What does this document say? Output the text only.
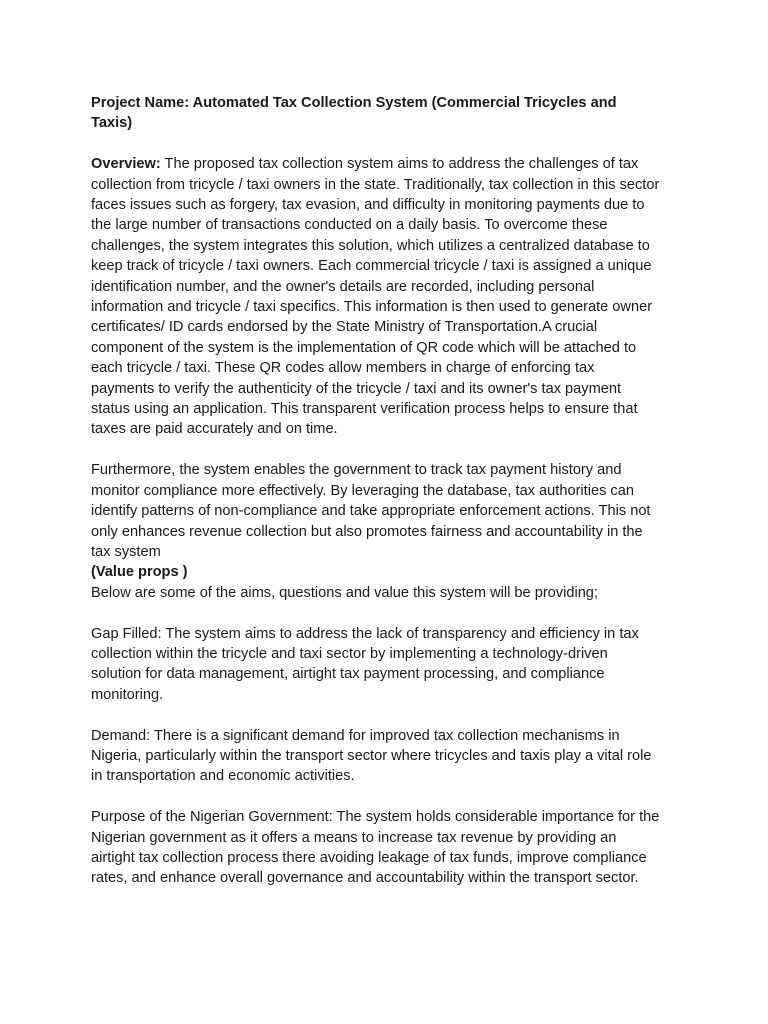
Project Name: Automated Tax Collection System (Commercial Tricycles and
Taxis)
Overview: The proposed tax collection system aims to address the challenges of tax
collection from tricycle / taxi owners in the state. Traditionally, tax collection in this sector
faces issues such as forgery, tax evasion, and difficulty in monitoring payments due to
the large number of transactions conducted on a daily basis. To overcome these
challenges, the system integrates this solution, which utilizes a centralized database to
keep track of tricycle / taxi owners. Each commercial tricycle / taxi is assigned a unique
identification number, and the owner's details are recorded, including personal
information and tricycle / taxi specifics. This information is then used to generate owner
certificates/ ID cards endorsed by the State Ministry of Transportation.A crucial
component of the system is the implementation of QR code which will be attached to
each tricycle / taxi. These QR codes allow members in charge of enforcing tax
payments to verify the authenticity of the tricycle / taxi and its owner's tax payment
status using an application. This transparent verification process helps to ensure that
taxes are paid accurately and on time.
Furthermore, the system enables the government to track tax payment history and
monitor compliance more effectively. By leveraging the database, tax authorities can
identify patterns of non-compliance and take appropriate enforcement actions. This not
only enhances revenue collection but also promotes fairness and accountability in the
tax system
(Value props )
Below are some of the aims, questions and value this system will be providing;
Gap Filled: The system aims to address the lack of transparency and efficiency in tax
collection within the tricycle and taxi sector by implementing a technology-driven
solution for data management, airtight tax payment processing, and compliance
monitoring.
Demand: There is a significant demand for improved tax collection mechanisms in
Nigeria, particularly within the transport sector where tricycles and taxis play a vital role
in transportation and economic activities.
Purpose of the Nigerian Government: The system holds considerable importance for the
Nigerian government as it offers a means to increase tax revenue by providing an
airtight tax collection process there avoiding leakage of tax funds, improve compliance
rates, and enhance overall governance and accountability within the transport sector.
